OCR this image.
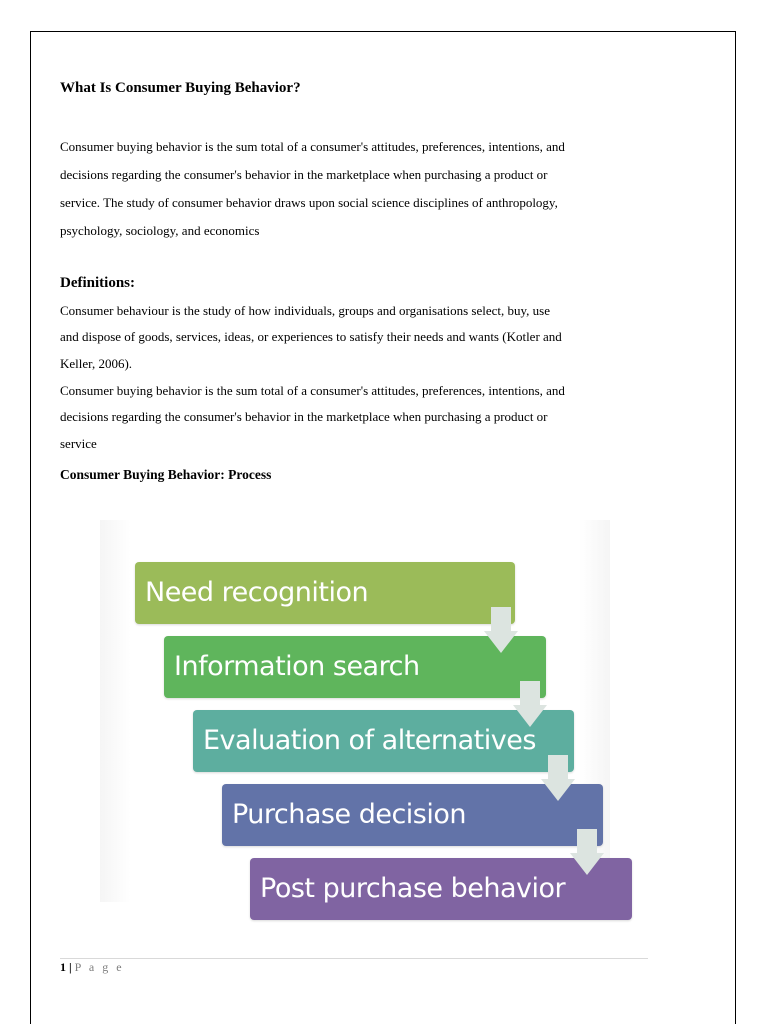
What Is Consumer Buying Behavior?

Consumer buying behavior is the sum total of a consumer's attitudes, preferences, intentions, and
decisions regarding the consumer's behavior in the marketplace when purchasing a product or
service. The study of consumer behavior draws upon social science disciplines of anthropology,
psychology, sociology, and economics

Definitions:

Consumer behaviour is the study of how individuals, groups and organisations select, buy, use
and dispose of goods, services, ideas, or experiences to satisfy their needs and wants (Kotler and
Keller, 2006).

Consumer buying behavior is the sum total of a consumer's attitudes, preferences, intentions, and
decisions regarding the consumer's behavior in the marketplace when purchasing a product or
service

Consumer Buying Behavior: Process
Need recognition
Information search
Evaluation of alternatives
Purchase decision
Post purchase behavior
1 | P a g e
